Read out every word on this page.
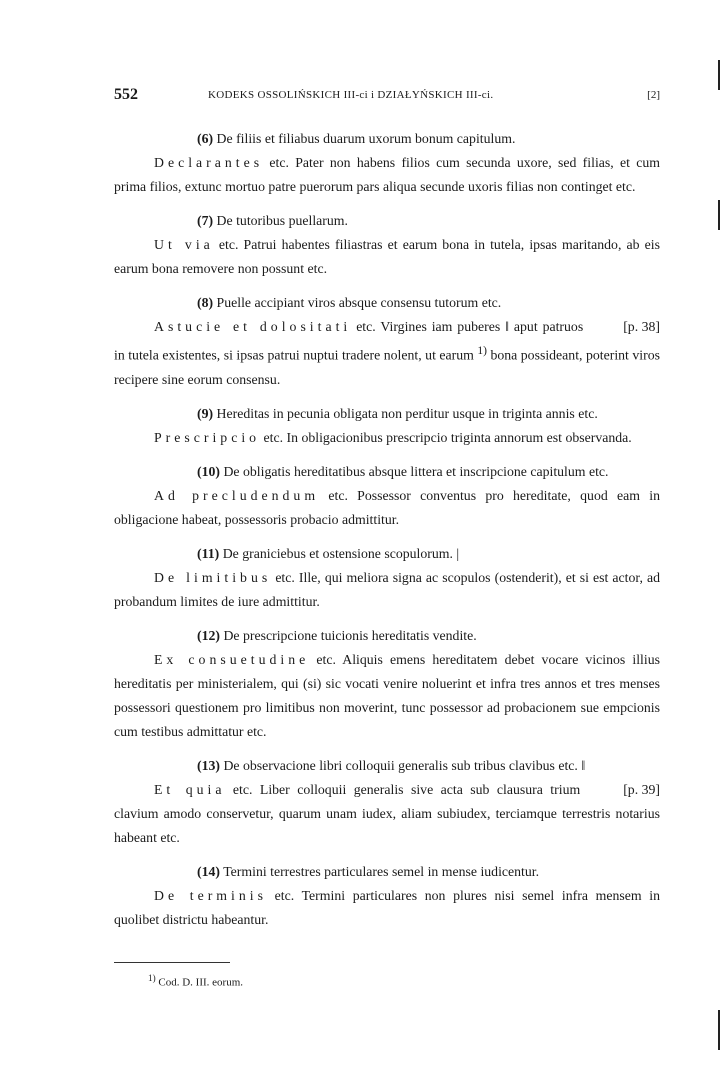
552	KODEKS OSSOLIŃSKICH III-ci i DZIAŁYŃSKICH III-ci.	[2]

(6) De filiis et filiabus duarum uxorum bonum capitulum.

Declarantes etc. Pater non habens filios cum secunda uxore, sed filias, et cum prima filios, extunc mortuo patre puerorum pars aliqua secunde uxoris filias non continget etc.

(7) De tutoribus puellarum.

Ut via etc. Patrui habentes filiastras et earum bona in tutela, ipsas maritando, ab eis earum bona removere non possunt etc.

(8) Puelle accipiant viros absque consensu tutorum etc.

Astucie et dolositati etc. Virgines iam puberes ‖	[p. 38]
aput patruos in tutela existentes, si ipsas patrui nuptui tradere nolent, ut earum $^{1)}$ bona possideant, poterint viros recipere sine eorum consensu.

(9) Hereditas in pecunia obligata non perditur usque in triginta annis etc.

Prescripcio etc. In obligacionibus prescripcio triginta annorum est observanda.

(10) De obligatis hereditatibus absque littera et inscripcione capitulum etc.

Ad precludendum etc. Possessor conventus pro hereditate, quod eam in obligacione habeat, possessoris probacio admittitur.

(11) De graniciebus et ostensione scopulorum. |

De limitibus etc. Ille, qui meliora signa ac scopulos (ostenderit), et si est actor, ad probandum limites de iure admittitur.

(12) De prescripcione tuicionis hereditatis vendite.

Ex consuetudine etc. Aliquis emens hereditatem debet vocare vicinos illius hereditatis per ministerialem, qui (si) sic vocati venire noluerint et infra tres annos et tres menses possessori questionem pro limitibus non moverint, tunc possessor ad probacionem sue empcionis cum testibus admittatur etc.

(13) De observacione libri colloquii generalis sub tribus clavibus etc. ‖
[p. 39]

Et quia etc. Liber colloquii generalis sive acta sub clausura trium clavium amodo conservetur, quarum unam iudex, aliam subiudex, terciamque terrestris notarius habeant etc.

(14) Termini terrestres particulares semel in mense iudicentur.

De terminis etc. Termini particulares non plures nisi semel infra mensem in quolibet districtu habeantur.

$^{1)}$ Cod. D. III. eorum.
